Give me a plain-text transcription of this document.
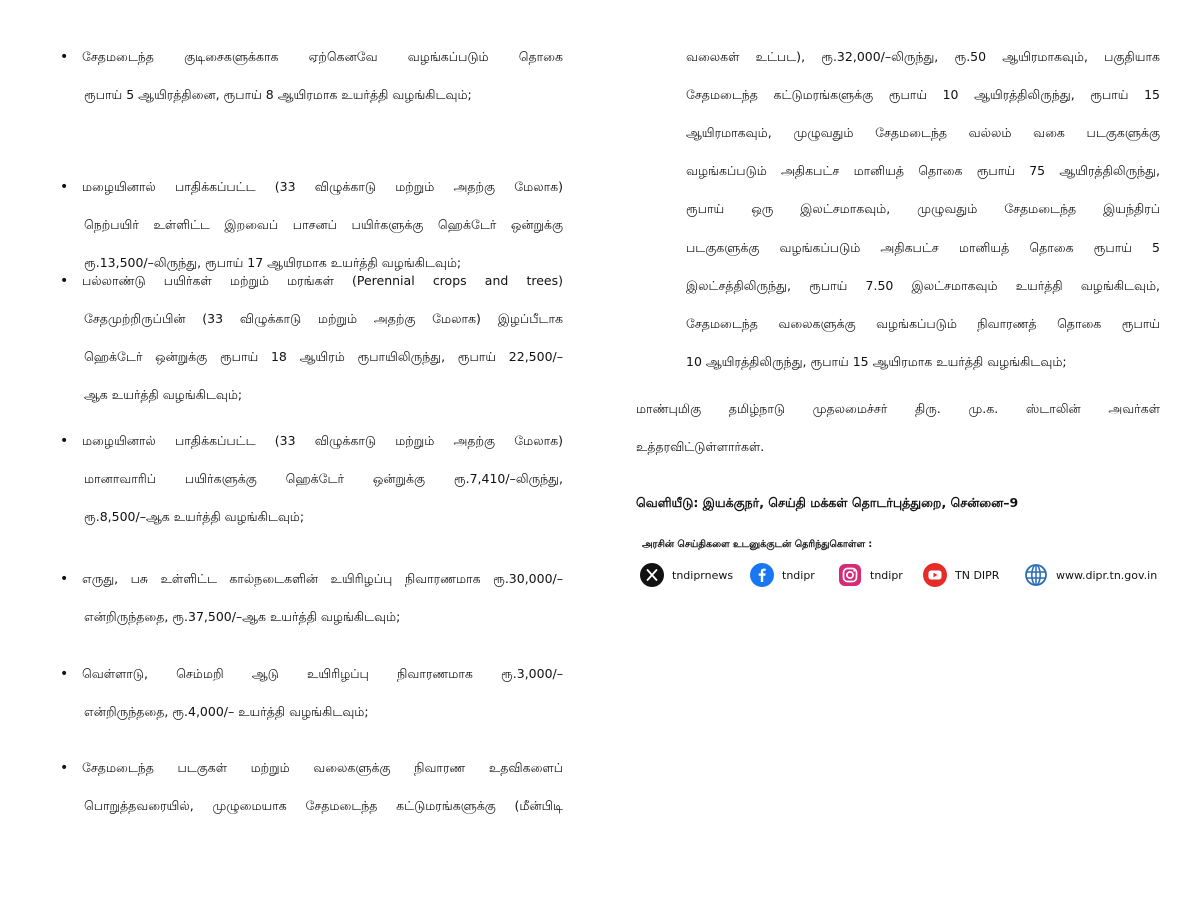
•	சேதமடைந்த குடிசைகளுக்காக ஏற்கெனவே வழங்கப்படும் தொகை
ரூபாய் 5 ஆயிரத்தினை, ரூபாய் 8 ஆயிரமாக உயர்த்தி வழங்கிடவும்;
•	மழையினால் பாதிக்கப்பட்ட (33 விழுக்காடு மற்றும் அதற்கு மேலாக)
நெற்பயிர் உள்ளிட்ட இறவைப் பாசனப் பயிர்களுக்கு ஹெக்டேர் ஒன்றுக்கு
ரூ.13,500/–லிருந்து, ரூபாய் 17 ஆயிரமாக உயர்த்தி வழங்கிடவும்;
•	பல்லாண்டு பயிர்கள் மற்றும் மரங்கள் (Perennial crops and trees)
சேதமுற்றிருப்பின் (33 விழுக்காடு மற்றும் அதற்கு மேலாக) இழப்பீடாக
ஹெக்டேர் ஒன்றுக்கு ரூபாய் 18 ஆயிரம் ரூபாயிலிருந்து, ரூபாய் 22,500/–
ஆக உயர்த்தி வழங்கிடவும்;
•	மழையினால் பாதிக்கப்பட்ட (33 விழுக்காடு மற்றும் அதற்கு மேலாக)
மானாவாரிப் பயிர்களுக்கு ஹெக்டேர் ஒன்றுக்கு ரூ.7,410/–லிருந்து,
ரூ.8,500/–ஆக உயர்த்தி வழங்கிடவும்;
•	எருது, பசு உள்ளிட்ட கால்நடைகளின் உயிரிழப்பு நிவாரணமாக ரூ.30,000/–
என்றிருந்ததை, ரூ.37,500/–ஆக உயர்த்தி வழங்கிடவும்;
•	வெள்ளாடு, செம்மறி ஆடு உயிரிழப்பு நிவாரணமாக ரூ.3,000/–
என்றிருந்ததை, ரூ.4,000/– உயர்த்தி வழங்கிடவும்;
•	சேதமடைந்த படகுகள் மற்றும் வலைகளுக்கு நிவாரண உதவிகளைப்
பொறுத்தவரையில், முழுமையாக சேதமடைந்த கட்டுமரங்களுக்கு (மீன்பிடி
வலைகள் உட்பட), ரூ.32,000/–லிருந்து, ரூ.50 ஆயிரமாகவும், பகுதியாக
சேதமடைந்த கட்டுமரங்களுக்கு ரூபாய் 10 ஆயிரத்திலிருந்து, ரூபாய் 15
ஆயிரமாகவும், முழுவதும் சேதமடைந்த வல்லம் வகை படகுகளுக்கு
வழங்கப்படும் அதிகபட்ச மானியத் தொகை ரூபாய் 75 ஆயிரத்திலிருந்து,
ரூபாய் ஒரு இலட்சமாகவும், முழுவதும் சேதமடைந்த இயந்திரப்
படகுகளுக்கு வழங்கப்படும் அதிகபட்ச மானியத் தொகை ரூபாய் 5
இலட்சத்திலிருந்து, ரூபாய் 7.50 இலட்சமாகவும் உயர்த்தி வழங்கிடவும்,
சேதமடைந்த வலைகளுக்கு வழங்கப்படும் நிவாரணத் தொகை ரூபாய்
10 ஆயிரத்திலிருந்து, ரூபாய் 15 ஆயிரமாக உயர்த்தி வழங்கிடவும்;
மாண்புமிகு தமிழ்நாடு முதலமைச்சர் திரு. மு.க. ஸ்டாலின் அவர்கள்
உத்தரவிட்டுள்ளார்கள்.
வெளியீடு: இயக்குநர், செய்தி மக்கள் தொடர்புத்துறை, சென்னை–9
அரசின் செய்திகளை உடனுக்குடன் தெரிந்துகொள்ள :
tndiprnews	tndipr	tndipr	TN DIPR	www.dipr.tn.gov.in
